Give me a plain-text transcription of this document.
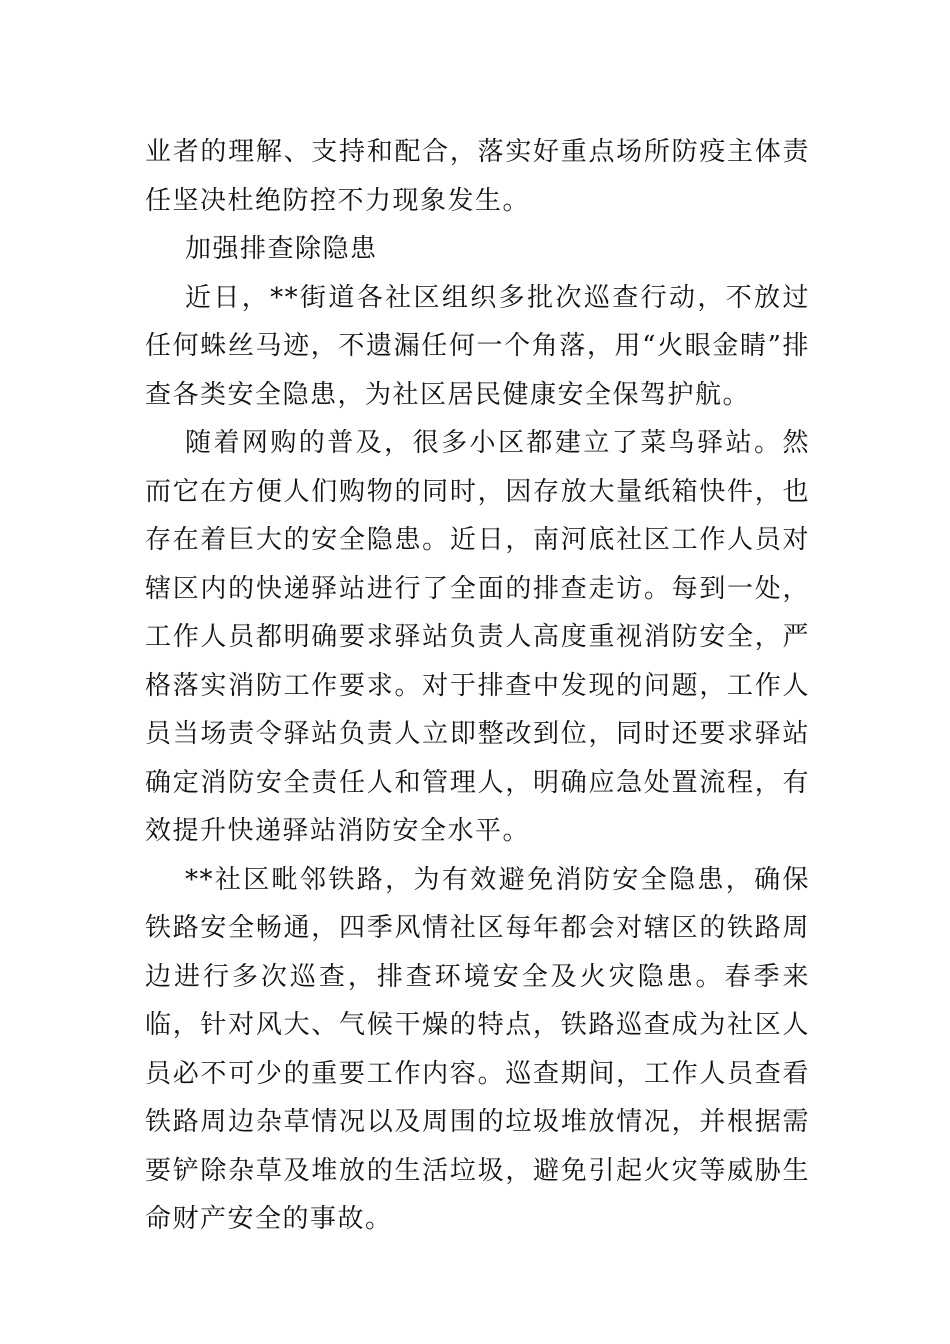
业者的理解、支持和配合，落实好重点场所防疫主体责任坚决杜绝防控不力现象发生。

加强排查除隐患

近日，**街道各社区组织多批次巡查行动，不放过任何蛛丝马迹，不遗漏任何一个角落，用“火眼金睛”排查各类安全隐患，为社区居民健康安全保驾护航。

随着网购的普及，很多小区都建立了菜鸟驿站。然而它在方便人们购物的同时，因存放大量纸箱快件，也存在着巨大的安全隐患。近日，南河底社区工作人员对辖区内的快递驿站进行了全面的排查走访。每到一处，工作人员都明确要求驿站负责人高度重视消防安全，严格落实消防工作要求。对于排查中发现的问题，工作人员当场责令驿站负责人立即整改到位，同时还要求驿站确定消防安全责任人和管理人，明确应急处置流程，有效提升快递驿站消防安全水平。

**社区毗邻铁路，为有效避免消防安全隐患，确保铁路安全畅通，四季风情社区每年都会对辖区的铁路周边进行多次巡查，排查环境安全及火灾隐患。春季来临，针对风大、气候干燥的特点，铁路巡查成为社区人员必不可少的重要工作内容。巡查期间，工作人员查看铁路周边杂草情况以及周围的垃圾堆放情况，并根据需要铲除杂草及堆放的生活垃圾，避免引起火灾等威胁生命财产安全的事故。
